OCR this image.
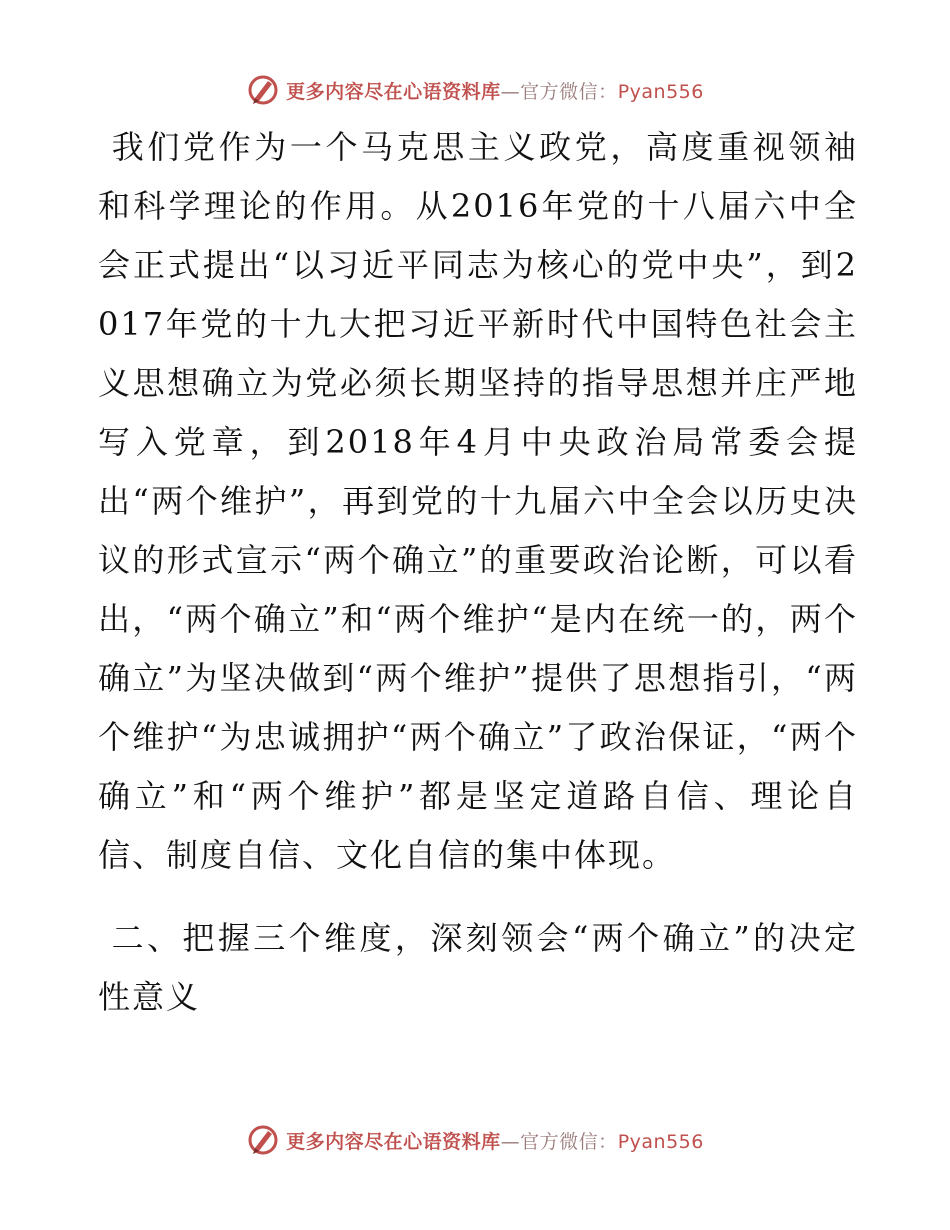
更多内容尽在心语资料库—官方微信：Pyan556

我们党作为一个马克思主义政党，高度重视领袖和科学理论的作用。从2016年党的十八届六中全会正式提出“以习近平同志为核心的党中央”，到2017年党的十九大把习近平新时代中国特色社会主义思想确立为党必须长期坚持的指导思想并庄严地写入党章，到2018年4月中央政治局常委会提出“两个维护”，再到党的十九届六中全会以历史决议的形式宣示“两个确立”的重要政治论断，可以看出，“两个确立”和“两个维护“是内在统一的，两个确立”为坚决做到“两个维护”提供了思想指引，“两个维护“为忠诚拥护“两个确立”了政治保证，“两个确立”和“两个维护”都是坚定道路自信、理论自信、制度自信、文化自信的集中体现。

二、把握三个维度，深刻领会“两个确立”的决定性意义

更多内容尽在心语资料库—官方微信：Pyan556
